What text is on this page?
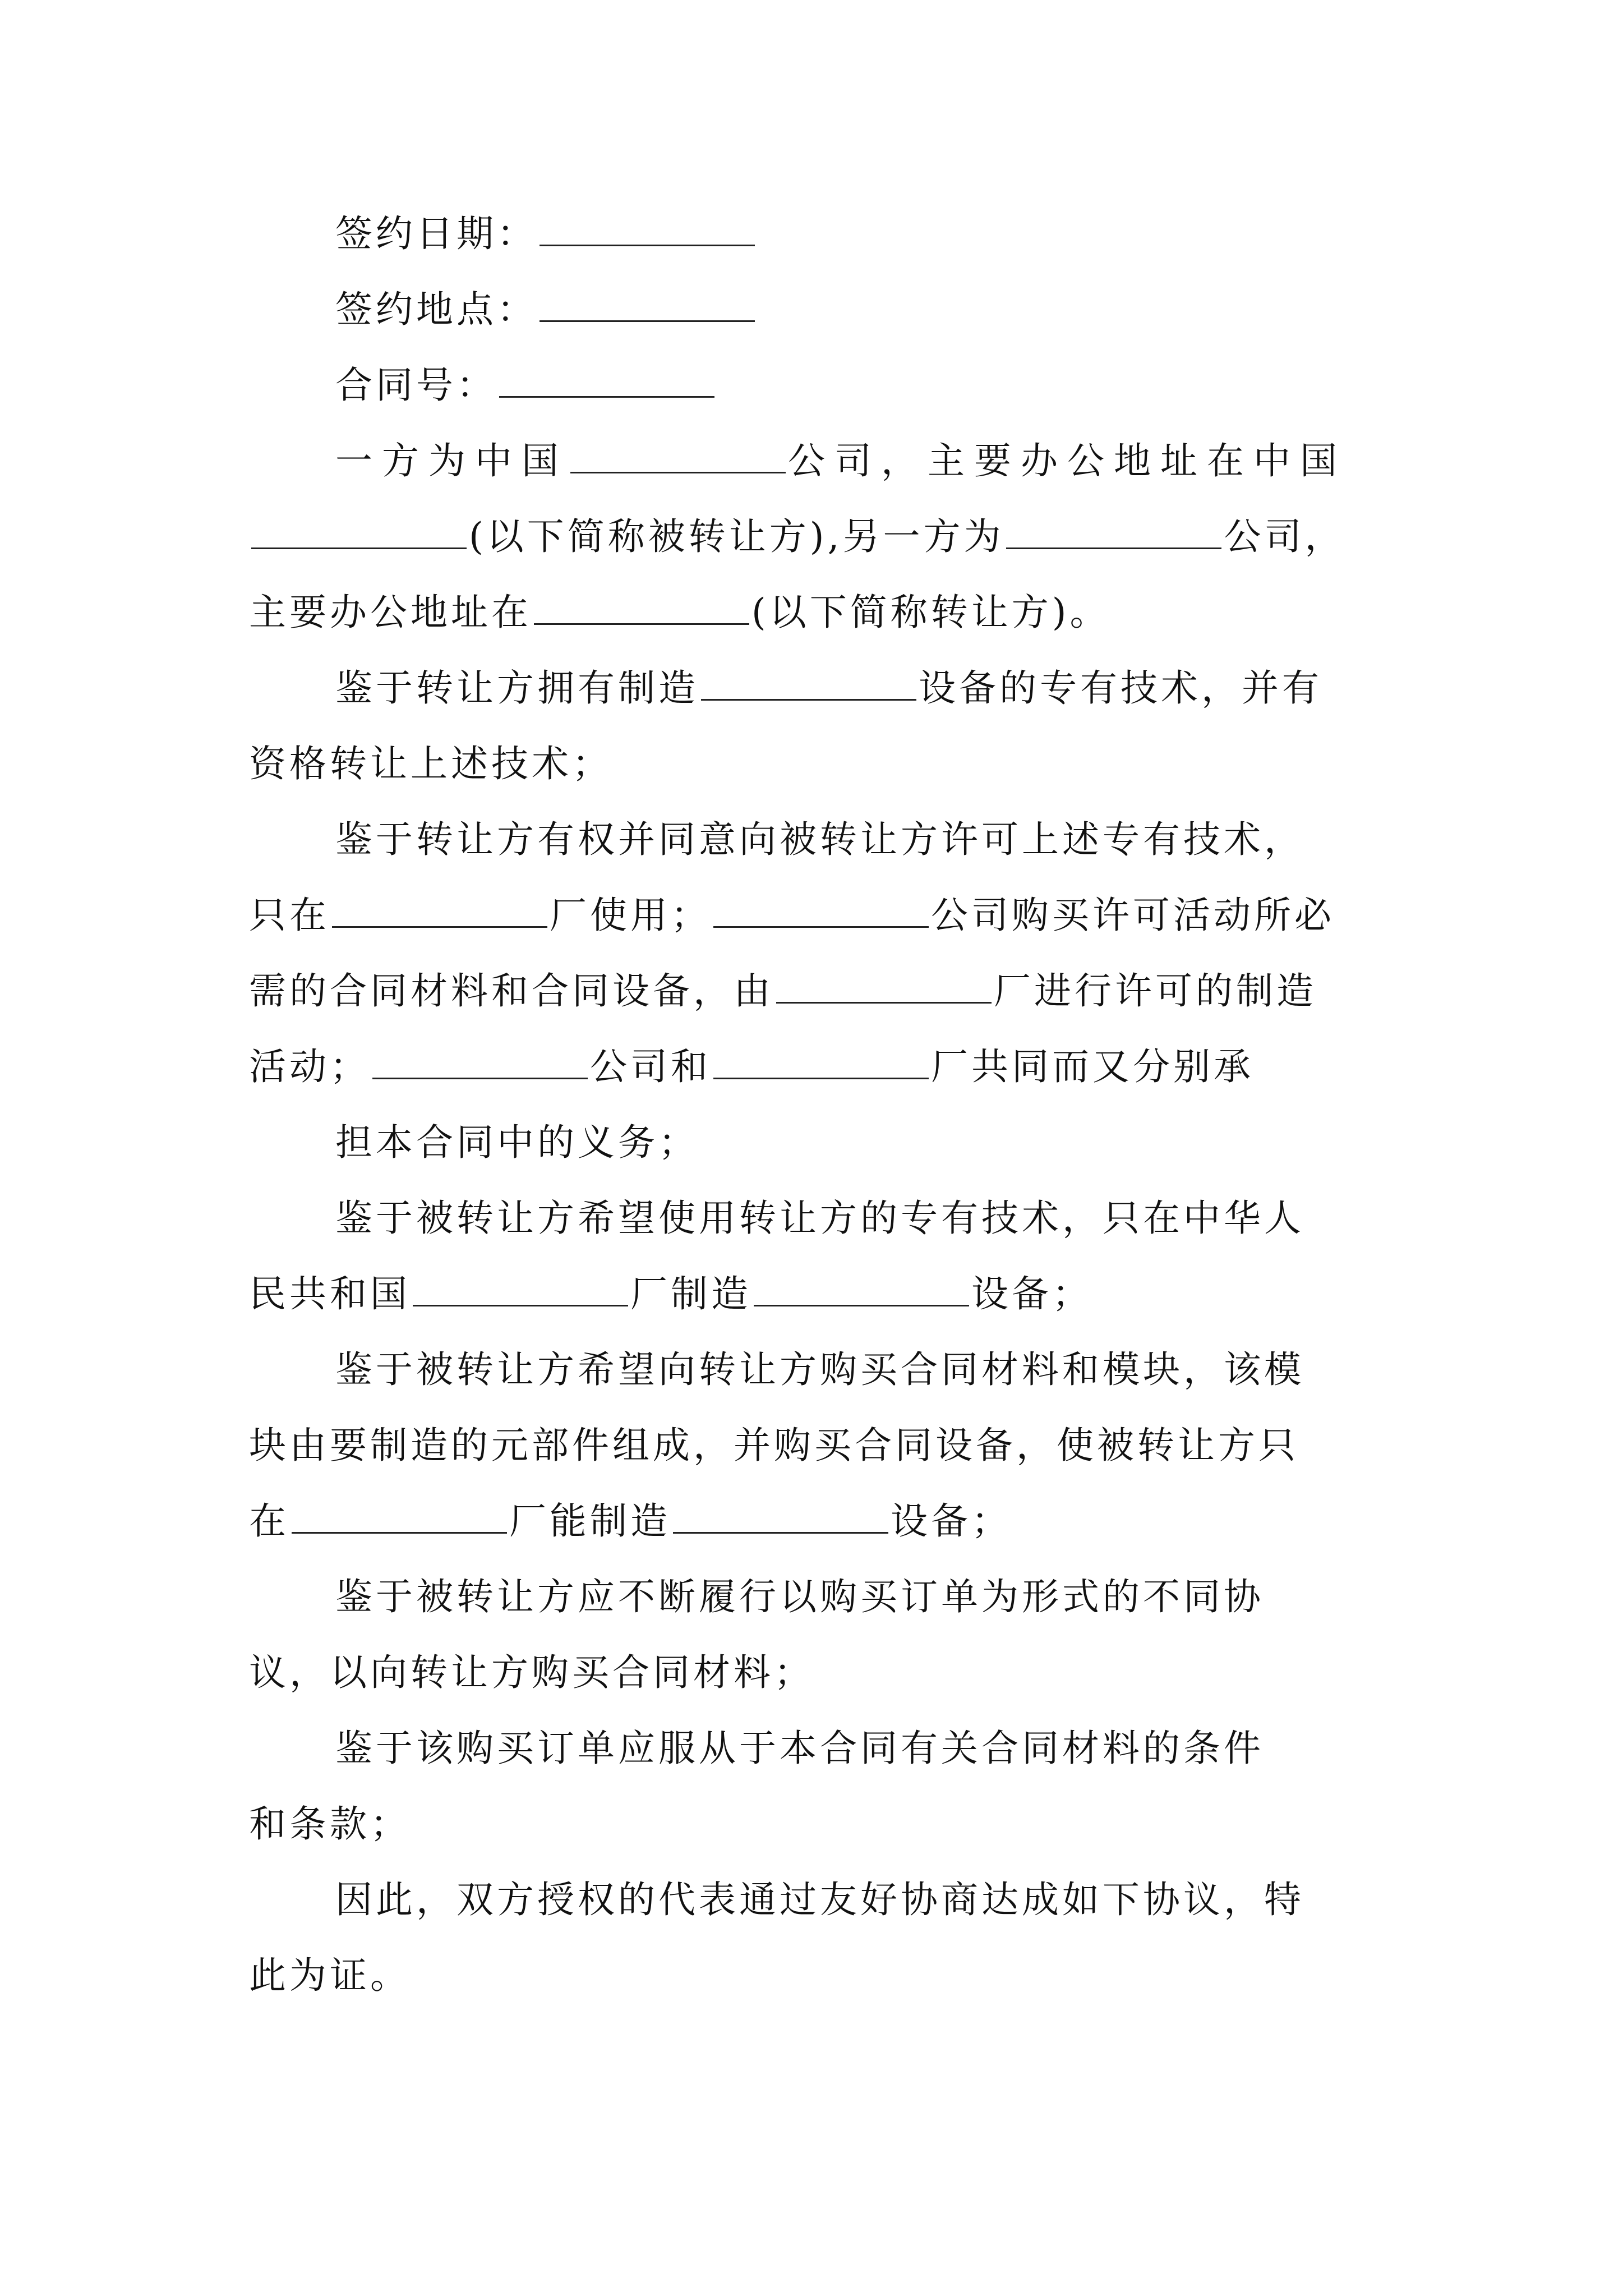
签约日期：
签约地点：
合同号：
一方为中国	公司，主要办公地址在中国
(以下简称被转让方),另一方为	公司，
主要办公地址在	(以下简称转让方)。
鉴于转让方拥有制造	设备的专有技术，并有
资格转让上述技术；
鉴于转让方有权并同意向被转让方许可上述专有技术，
只在	厂使用；	公司购买许可活动所必
需的合同材料和合同设备，由	厂进行许可的制造
活动；	公司和	厂共同而又分别承
担本合同中的义务；
鉴于被转让方希望使用转让方的专有技术，只在中华人
民共和国	厂制造	设备；
鉴于被转让方希望向转让方购买合同材料和模块，该模
块由要制造的元部件组成，并购买合同设备，使被转让方只
在	厂能制造	设备；
鉴于被转让方应不断履行以购买订单为形式的不同协
议，以向转让方购买合同材料；
鉴于该购买订单应服从于本合同有关合同材料的条件
和条款；
因此，双方授权的代表通过友好协商达成如下协议，特
此为证。
